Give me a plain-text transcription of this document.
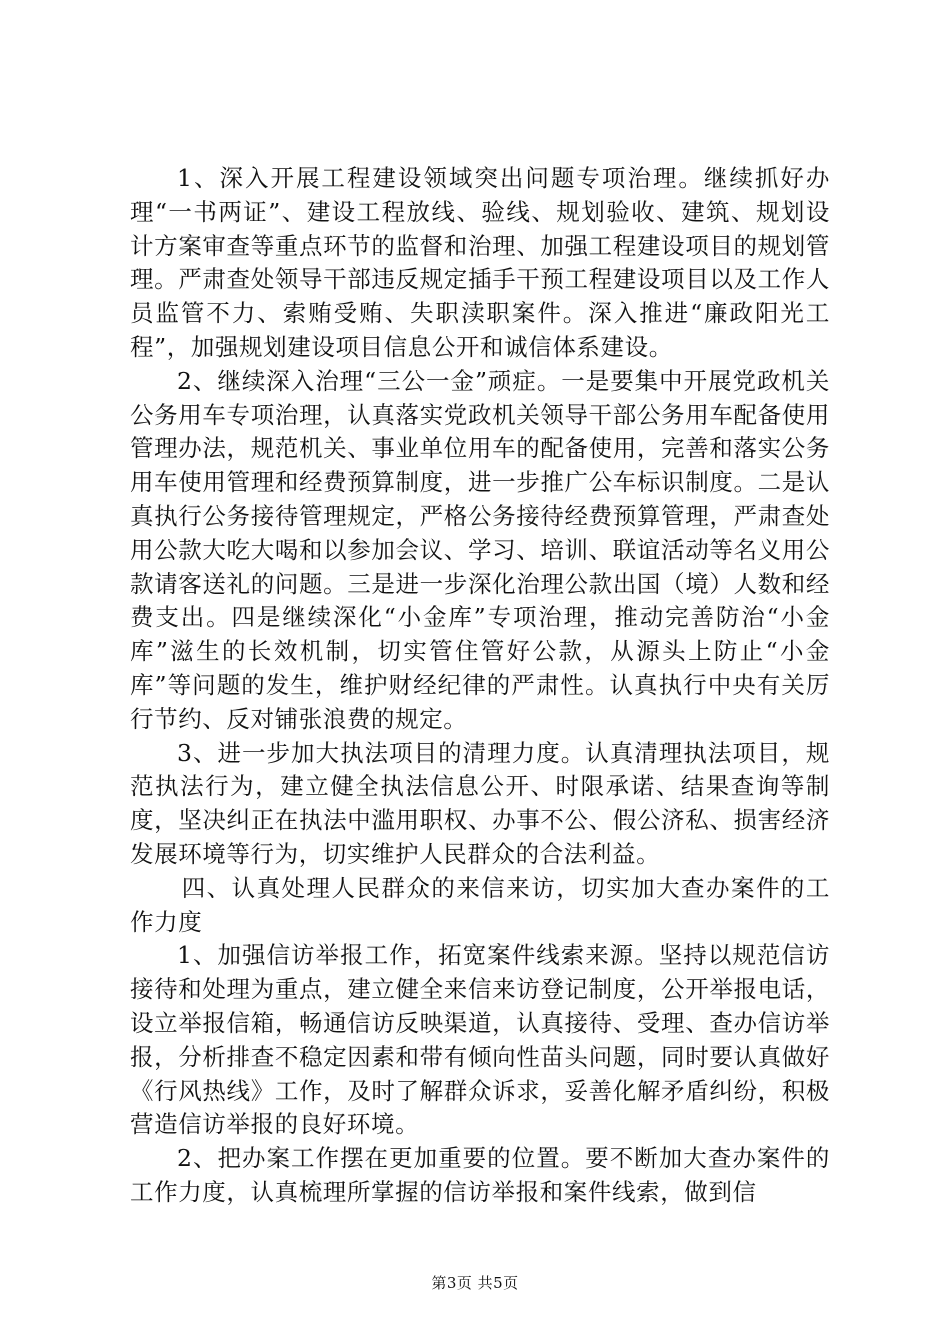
1、深入开展工程建设领域突出问题专项治理。继续抓好办理“一书两证”、建设工程放线、验线、规划验收、建筑、规划设计方案审查等重点环节的监督和治理、加强工程建设项目的规划管理。严肃查处领导干部违反规定插手干预工程建设项目以及工作人员监管不力、索贿受贿、失职渎职案件。深入推进“廉政阳光工程”，加强规划建设项目信息公开和诚信体系建设。

2、继续深入治理“三公一金”顽症。一是要集中开展党政机关公务用车专项治理，认真落实党政机关领导干部公务用车配备使用管理办法，规范机关、事业单位用车的配备使用，完善和落实公务用车使用管理和经费预算制度，进一步推广公车标识制度。二是认真执行公务接待管理规定，严格公务接待经费预算管理，严肃查处用公款大吃大喝和以参加会议、学习、培训、联谊活动等名义用公款请客送礼的问题。三是进一步深化治理公款出国（境）人数和经费支出。四是继续深化“小金库”专项治理，推动完善防治“小金库”滋生的长效机制，切实管住管好公款，从源头上防止“小金库”等问题的发生，维护财经纪律的严肃性。认真执行中央有关厉行节约、反对铺张浪费的规定。

3、进一步加大执法项目的清理力度。认真清理执法项目，规范执法行为，建立健全执法信息公开、时限承诺、结果查询等制度，坚决纠正在执法中滥用职权、办事不公、假公济私、损害经济发展环境等行为，切实维护人民群众的合法利益。

四、认真处理人民群众的来信来访，切实加大查办案件的工作力度

1、加强信访举报工作，拓宽案件线索来源。坚持以规范信访接待和处理为重点，建立健全来信来访登记制度，公开举报电话，设立举报信箱，畅通信访反映渠道，认真接待、受理、查办信访举报，分析排查不稳定因素和带有倾向性苗头问题，同时要认真做好《行风热线》工作，及时了解群众诉求，妥善化解矛盾纠纷，积极营造信访举报的良好环境。

2、把办案工作摆在更加重要的位置。要不断加大查办案件的工作力度，认真梳理所掌握的信访举报和案件线索，做到信

第3页 共5页
